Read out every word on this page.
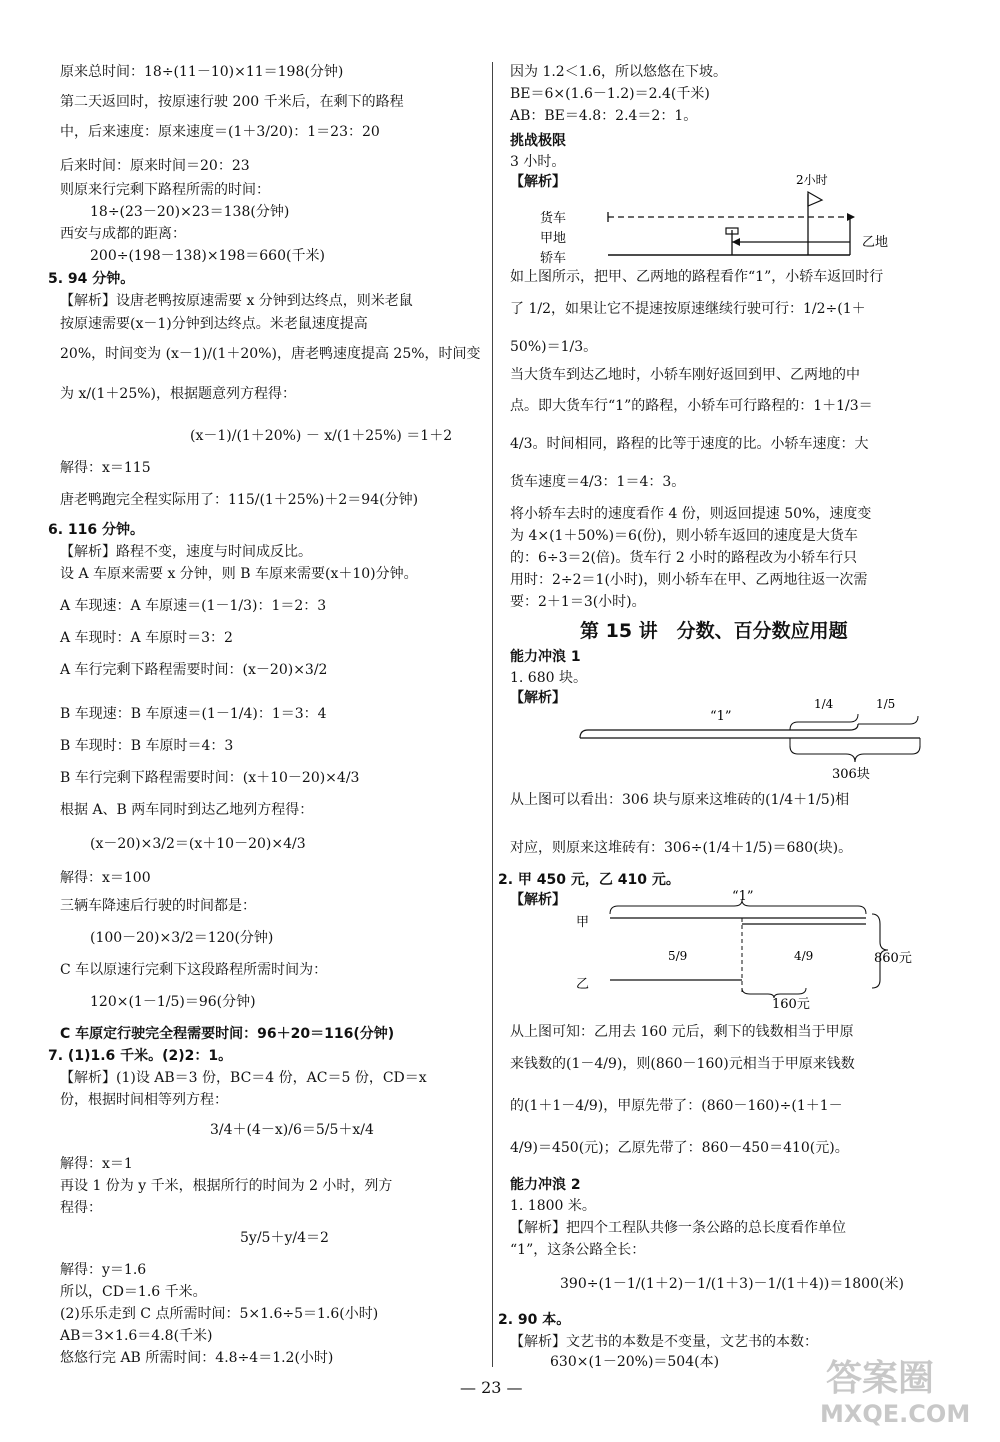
原来总时间：18÷(11－10)×11＝198(分钟)
第二天返回时，按原速行驶 200 千米后，在剩下的路程
中，后来速度：原来速度＝(1＋3/20)：1＝23：20
后来时间：原来时间＝20：23
则原来行完剩下路程所需的时间：
18÷(23－20)×23＝138(分钟)
西安与成都的距离：
200÷(198－138)×198＝660(千米)
5. 94 分钟。
【解析】设唐老鸭按原速需要 x 分钟到达终点，则米老鼠
按原速需要(x－1)分钟到达终点。米老鼠速度提高
20%，时间变为 (x－1)/(1＋20%)，唐老鸭速度提高 25%，时间变
为 x/(1＋25%)，根据题意列方程得：
(x－1)/(1＋20%) － x/(1＋25%) ＝1＋2
解得：x＝115
唐老鸭跑完全程实际用了：115/(1＋25%)＋2＝94(分钟)
6. 116 分钟。
【解析】路程不变，速度与时间成反比。
设 A 车原来需要 x 分钟，则 B 车原来需要(x＋10)分钟。
A 车现速：A 车原速＝(1－1/3)：1＝2：3
A 车现时：A 车原时＝3：2
A 车行完剩下路程需要时间：(x－20)×3/2
B 车现速：B 车原速＝(1－1/4)：1＝3：4
B 车现时：B 车原时＝4：3
B 车行完剩下路程需要时间：(x＋10－20)×4/3
根据 A、B 两车同时到达乙地列方程得：
(x－20)×3/2＝(x＋10－20)×4/3
解得：x＝100
三辆车降速后行驶的时间都是：
(100－20)×3/2＝120(分钟)
C 车以原速行完剩下这段路程所需时间为：
120×(1－1/5)＝96(分钟)
C 车原定行驶完全程需要时间：96＋20＝116(分钟)
7. (1)1.6 千米。(2)2：1。
【解析】(1)设 AB＝3 份，BC＝4 份，AC＝5 份，CD＝x
份，根据时间相等列方程：
3/4＋(4－x)/6＝5/5＋x/4
解得：x＝1
再设 1 份为 y 千米，根据所行的时间为 2 小时，列方
程得：
5y/5＋y/4＝2
解得：y＝1.6
所以，CD＝1.6 千米。
(2)乐乐走到 C 点所需时间：5×1.6÷5＝1.6(小时)
AB＝3×1.6＝4.8(千米)
悠悠行完 AB 所需时间：4.8÷4＝1.2(小时)
因为 1.2＜1.6，所以悠悠在下坡。
BE＝6×(1.6－1.2)＝2.4(千米)
AB：BE＝4.8：2.4＝2：1。
挑战极限
3 小时。
【解析】	2小时
货车
甲地
轿车
乙地
如上图所示，把甲、乙两地的路程看作“1”，小轿车返回时行
了 1/2，如果让它不提速按原速继续行驶可行：1/2÷(1＋
50%)＝1/3。
当大货车到达乙地时，小轿车刚好返回到甲、乙两地的中
点。即大货车行“1”的路程，小轿车可行路程的：1＋1/3＝
4/3。时间相同，路程的比等于速度的比。小轿车速度：大
货车速度＝4/3：1＝4：3。
将小轿车去时的速度看作 4 份，则返回提速 50%，速度变
为 4×(1＋50%)＝6(份)，则小轿车返回的速度是大货车
的：6÷3＝2(倍)。货车行 2 小时的路程改为小轿车行只
用时：2÷2＝1(小时)，则小轿车在甲、乙两地往返一次需
要：2＋1＝3(小时)。
第 15 讲　分数、百分数应用题
能力冲浪 1
1. 680 块。
【解析】
“1”
1/4	1/5
306块
从上图可以看出：306 块与原来这堆砖的(1/4＋1/5)相
对应，则原来这堆砖有：306÷(1/4＋1/5)＝680(块)。
2. 甲 450 元，乙 410 元。
【解析】	“1”
甲
乙
5/9	4/9	860元
160元
从上图可知：乙用去 160 元后，剩下的钱数相当于甲原
来钱数的(1－4/9)，则(860－160)元相当于甲原来钱数
的(1＋1－4/9)，甲原先带了：(860－160)÷(1＋1－
4/9)＝450(元)；乙原先带了：860－450＝410(元)。
能力冲浪 2
1. 1800 米。
【解析】把四个工程队共修一条公路的总长度看作单位
“1”，这条公路全长：
390÷(1－1/(1＋2)－1/(1＋3)－1/(1＋4))＝1800(米)
2. 90 本。
【解析】文艺书的本数是不变量，文艺书的本数：
630×(1－20%)＝504(本)
— 23 —	答案圈
MXQE.COM
